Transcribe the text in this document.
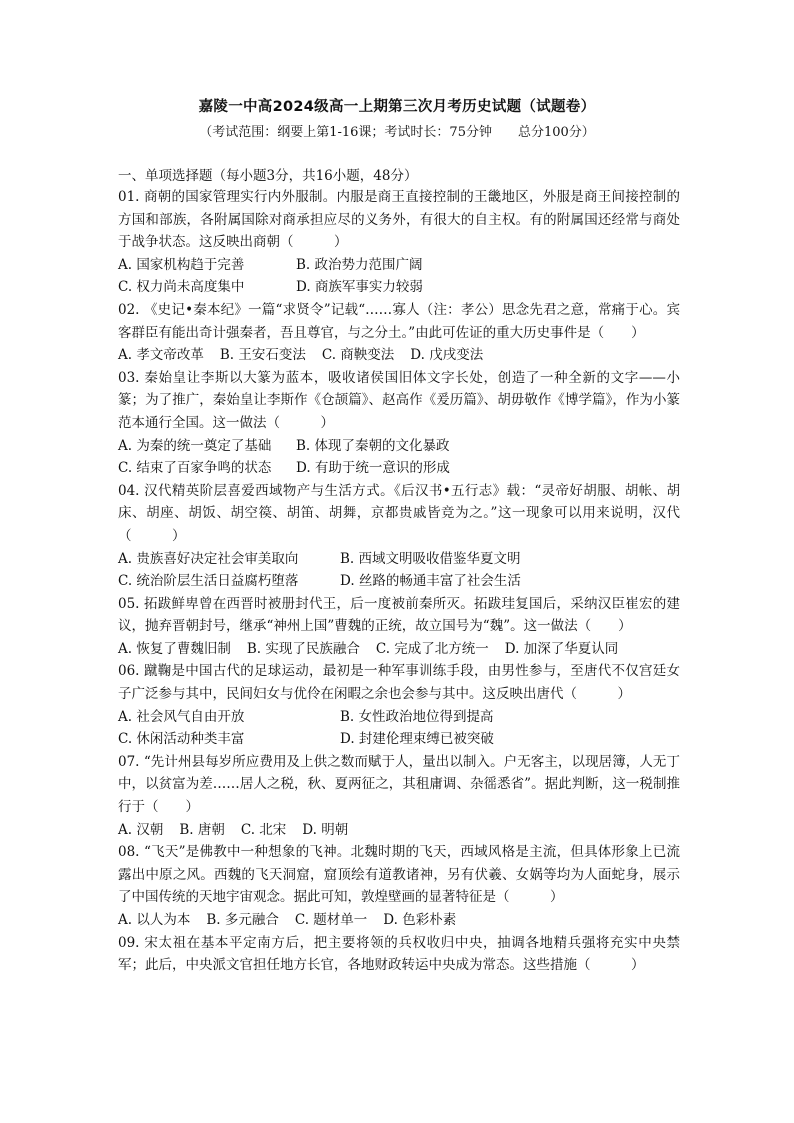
嘉陵一中高2024级高一上期第三次月考历史试题（试题卷）
（考试范围：纲要上第1-16课；考试时长：75分钟　　总分100分）
一、单项选择题（每小题3分，共16小题，48分）

01. 商朝的国家管理实行内外服制。内服是商王直接控制的王畿地区，外服是商王间接控制的方国和部族，各附属国除对商承担应尽的义务外，有很大的自主权。有的附属国还经常与商处于战争状态。这反映出商朝（　　　）

A. 国家机构趋于完善	B. 政治势力范围广阔
C. 权力尚未高度集中	D. 商族军事实力较弱

02. 《史记•秦本纪》一篇“求贤令”记载“……寡人（注：孝公）思念先君之意，常痛于心。宾客群臣有能出奇计强秦者，吾且尊官，与之分土。”由此可佐证的重大历史事件是（　　）

A. 孝文帝改革 B. 王安石变法 C. 商鞅变法 D. 戊戌变法

03. 秦始皇让李斯以大篆为蓝本，吸收诸侯国旧体文字长处，创造了一种全新的文字——小篆；为了推广，秦始皇让李斯作《仓颉篇》、赵高作《爰历篇》、胡毋敬作《博学篇》，作为小篆范本通行全国。这一做法（　　　）

A. 为秦的统一奠定了基础	B. 体现了秦朝的文化暴政
C. 结束了百家争鸣的状态	D. 有助于统一意识的形成

04. 汉代精英阶层喜爱西域物产与生活方式。《后汉书•五行志》载：“灵帝好胡服、胡帐、胡床、胡座、胡饭、胡空篌、胡笛、胡舞，京都贵戚皆竞为之。”这一现象可以用来说明，汉代（　　　）

A. 贵族喜好决定社会审美取向	B. 西域文明吸收借鉴华夏文明
C. 统治阶层生活日益腐朽堕落	D. 丝路的畅通丰富了社会生活

05. 拓跋鲜卑曾在西晋时被册封代王，后一度被前秦所灭。拓跋珪复国后，采纳汉臣崔宏的建议，抛弃晋朝封号，继承“神州上国”曹魏的正统，故立国号为“魏”。这一做法（　　）

A. 恢复了曹魏旧制 B. 实现了民族融合 C. 完成了北方统一 D. 加深了华夏认同

06. 蹴鞠是中国古代的足球运动，最初是一种军事训练手段，由男性参与，至唐代不仅宫廷女子广泛参与其中，民间妇女与优伶在闲暇之余也会参与其中。这反映出唐代（　　　）

A. 社会风气自由开放	B. 女性政治地位得到提高
C. 休闲活动种类丰富	D. 封建伦理束缚已被突破

07. “先计州县每岁所应费用及上供之数而赋于人，量出以制入。户无客主，以现居簿，人无丁中，以贫富为差……居人之税，秋、夏两征之，其租庸调、杂徭悉省”。据此判断，这一税制推行于（　　）

A. 汉朝 B. 唐朝 C. 北宋 D. 明朝

08. “飞天”是佛教中一种想象的飞神。北魏时期的飞天，西域风格是主流，但具体形象上已流露出中原之风。西魏的飞天洞窟，窟顶绘有道教诸神，另有伏羲、女娲等均为人面蛇身，展示了中国传统的天地宇宙观念。据此可知，敦煌壁画的显著特征是（　　　）

A. 以人为本 B. 多元融合 C. 题材单一 D. 色彩朴素

09. 宋太祖在基本平定南方后，把主要将领的兵权收归中央，抽调各地精兵强将充实中央禁军；此后，中央派文官担任地方长官，各地财政转运中央成为常态。这些措施（　　　）
